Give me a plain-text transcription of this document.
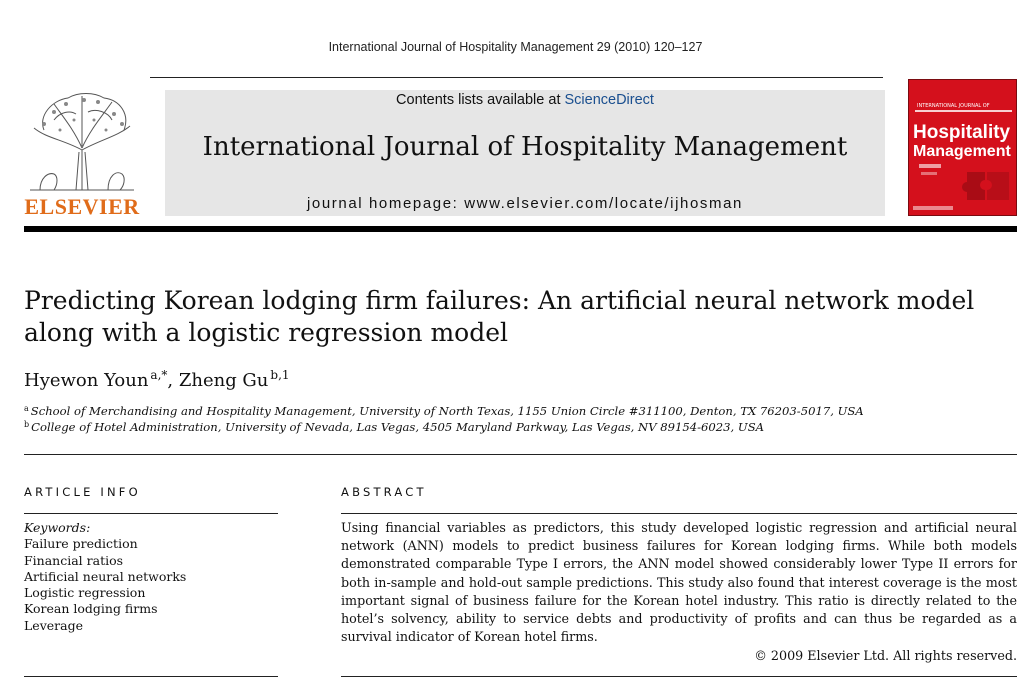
International Journal of Hospitality Management 29 (2010) 120–127
ELSEVIER
Contents lists available at ScienceDirect
International Journal of Hospitality Management
journal homepage: www.elsevier.com/locate/ijhosman
INTERNATIONAL JOURNAL OF
Hospitality
Management
Predicting Korean lodging firm failures: An artificial neural network model along with a logistic regression model
Hyewon Youn $^{a,*}$, Zheng Gu $^{b,1}$
$^a$ School of Merchandising and Hospitality Management, University of North Texas, 1155 Union Circle #311100, Denton, TX 76203-5017, USA
$^b$ College of Hotel Administration, University of Nevada, Las Vegas, 4505 Maryland Parkway, Las Vegas, NV 89154-6023, USA
ARTICLE INFO
Keywords:
Failure prediction
Financial ratios
Artificial neural networks
Logistic regression
Korean lodging firms
Leverage
ABSTRACT
Using financial variables as predictors, this study developed logistic regression and artificial neural network (ANN) models to predict business failures for Korean lodging firms. While both models demonstrated comparable Type I errors, the ANN model showed considerably lower Type II errors for both in-sample and hold-out sample predictions. This study also found that interest coverage is the most important signal of business failure for the Korean hotel industry. This ratio is directly related to the hotel’s solvency, ability to service debts and productivity of profits and can thus be regarded as a survival indicator of Korean hotel firms.
© 2009 Elsevier Ltd. All rights reserved.
